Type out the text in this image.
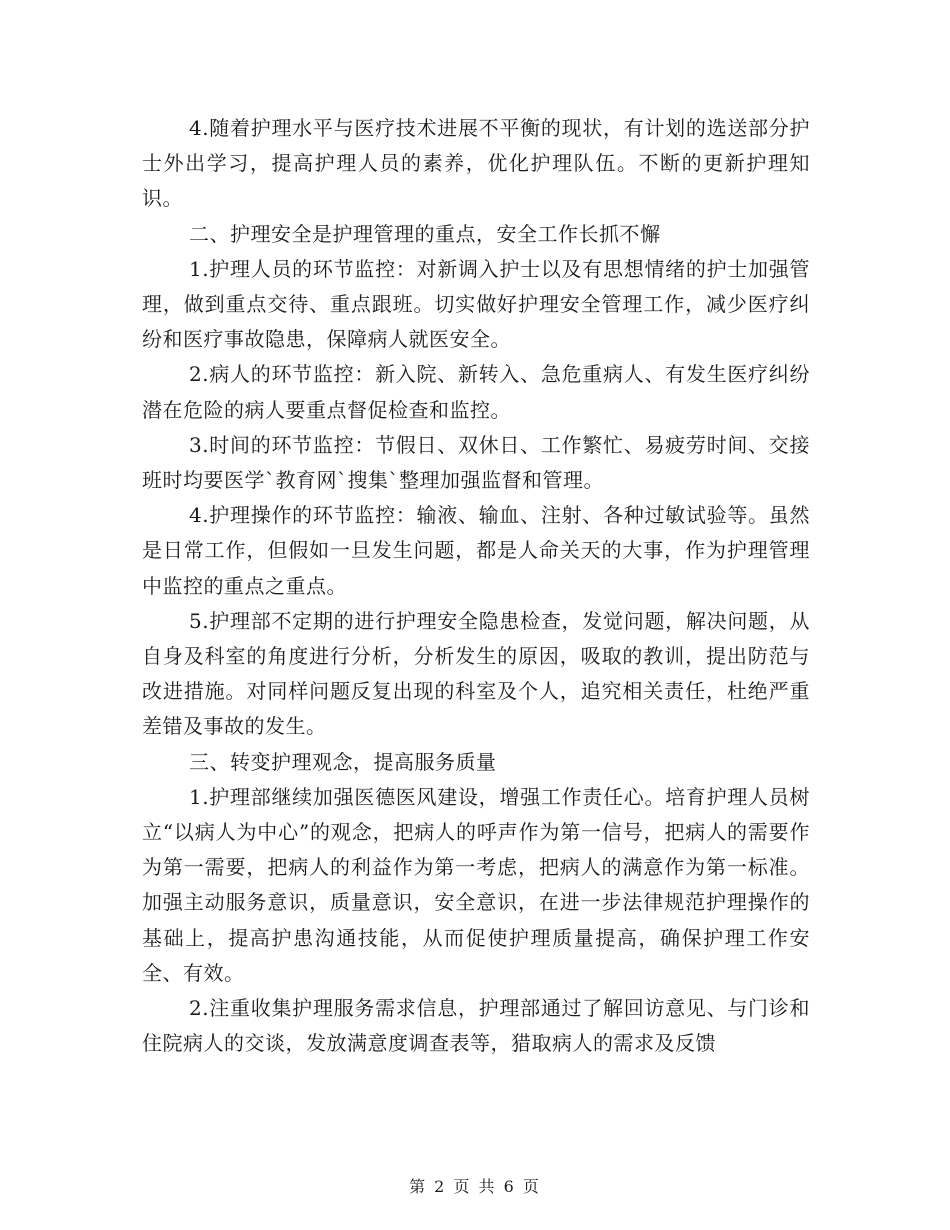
4.随着护理水平与医疗技术进展不平衡的现状，有计划的选送部分护士外出学习，提高护理人员的素养，优化护理队伍。不断的更新护理知识。

二、护理安全是护理管理的重点，安全工作长抓不懈

1.护理人员的环节监控：对新调入护士以及有思想情绪的护士加强管理，做到重点交待、重点跟班。切实做好护理安全管理工作，减少医疗纠纷和医疗事故隐患，保障病人就医安全。

2.病人的环节监控：新入院、新转入、急危重病人、有发生医疗纠纷潜在危险的病人要重点督促检查和监控。

3.时间的环节监控：节假日、双休日、工作繁忙、易疲劳时间、交接班时均要医学`教育网`搜集`整理加强监督和管理。

4.护理操作的环节监控：输液、输血、注射、各种过敏试验等。虽然是日常工作，但假如一旦发生问题，都是人命关天的大事，作为护理管理中监控的重点之重点。

5.护理部不定期的进行护理安全隐患检查，发觉问题，解决问题，从自身及科室的角度进行分析，分析发生的原因，吸取的教训，提出防范与改进措施。对同样问题反复出现的科室及个人，追究相关责任，杜绝严重差错及事故的发生。

三、转变护理观念，提高服务质量

1.护理部继续加强医德医风建设，增强工作责任心。培育护理人员树立“以病人为中心”的观念，把病人的呼声作为第一信号，把病人的需要作为第一需要，把病人的利益作为第一考虑，把病人的满意作为第一标准。加强主动服务意识，质量意识，安全意识，在进一步法律规范护理操作的基础上，提高护患沟通技能，从而促使护理质量提高，确保护理工作安全、有效。

2.注重收集护理服务需求信息，护理部通过了解回访意见、与门诊和住院病人的交谈，发放满意度调查表等，猎取病人的需求及反馈

第 2 页 共 6 页
